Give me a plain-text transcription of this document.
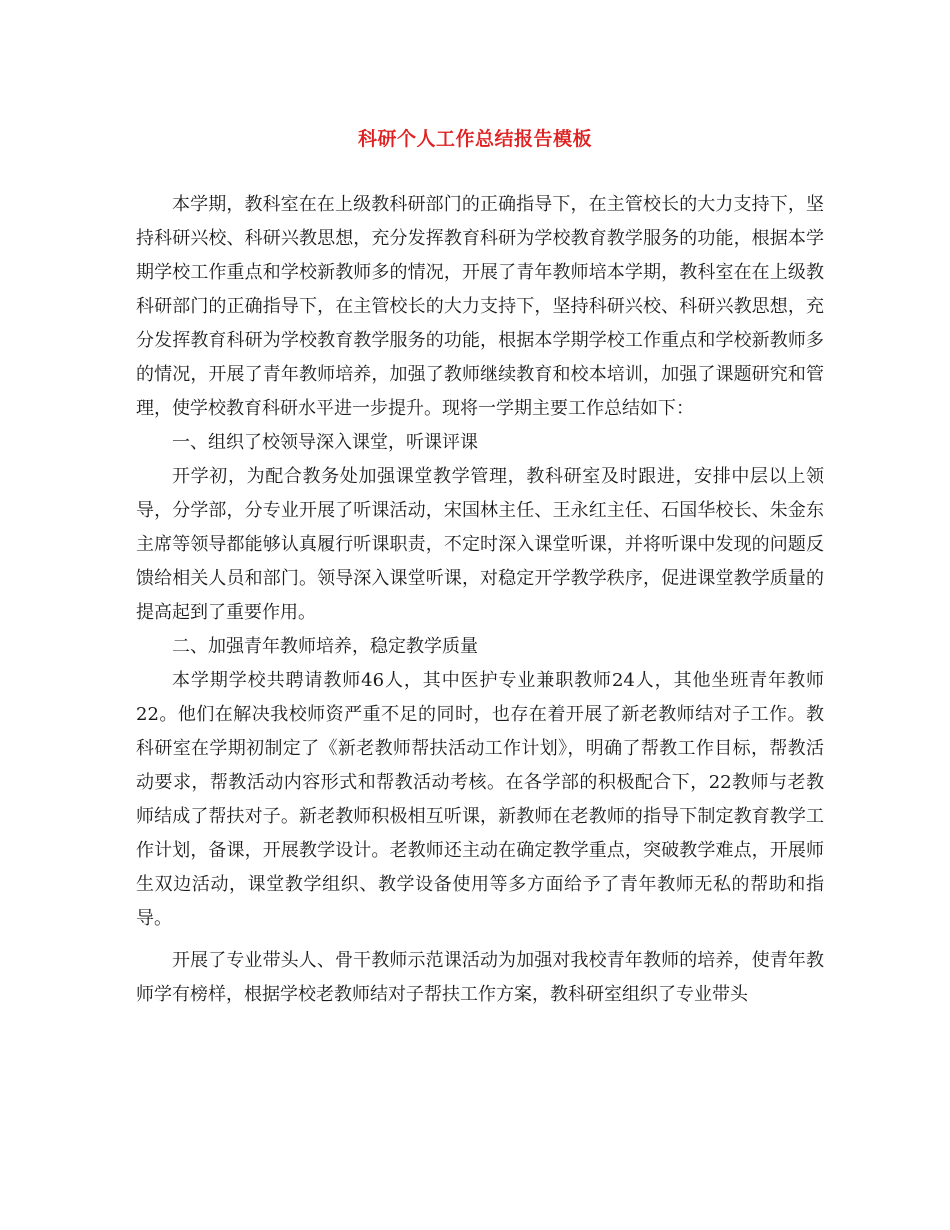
科研个人工作总结报告模板

本学期，教科室在在上级教科研部门的正确指导下，在主管校长的大力支持下，坚持科研兴校、科研兴教思想，充分发挥教育科研为学校教育教学服务的功能，根据本学期学校工作重点和学校新教师多的情况，开展了青年教师培本学期，教科室在在上级教科研部门的正确指导下，在主管校长的大力支持下，坚持科研兴校、科研兴教思想，充分发挥教育科研为学校教育教学服务的功能，根据本学期学校工作重点和学校新教师多的情况，开展了青年教师培养，加强了教师继续教育和校本培训，加强了课题研究和管理，使学校教育科研水平进一步提升。现将一学期主要工作总结如下：

一、组织了校领导深入课堂，听课评课

开学初，为配合教务处加强课堂教学管理，教科研室及时跟进，安排中层以上领导，分学部，分专业开展了听课活动，宋国林主任、王永红主任、石国华校长、朱金东主席等领导都能够认真履行听课职责，不定时深入课堂听课，并将听课中发现的问题反馈给相关人员和部门。领导深入课堂听课，对稳定开学教学秩序，促进课堂教学质量的提高起到了重要作用。

二、加强青年教师培养，稳定教学质量

本学期学校共聘请教师46人，其中医护专业兼职教师24人，其他坐班青年教师22。他们在解决我校师资严重不足的同时，也存在着开展了新老教师结对子工作。教科研室在学期初制定了《新老教师帮扶活动工作计划》，明确了帮教工作目标，帮教活动要求，帮教活动内容形式和帮教活动考核。在各学部的积极配合下，22教师与老教师结成了帮扶对子。新老教师积极相互听课，新教师在老教师的指导下制定教育教学工作计划，备课，开展教学设计。老教师还主动在确定教学重点，突破教学难点，开展师生双边活动，课堂教学组织、教学设备使用等多方面给予了青年教师无私的帮助和指导。

开展了专业带头人、骨干教师示范课活动为加强对我校青年教师的培养，使青年教师学有榜样，根据学校老教师结对子帮扶工作方案，教科研室组织了专业带头
